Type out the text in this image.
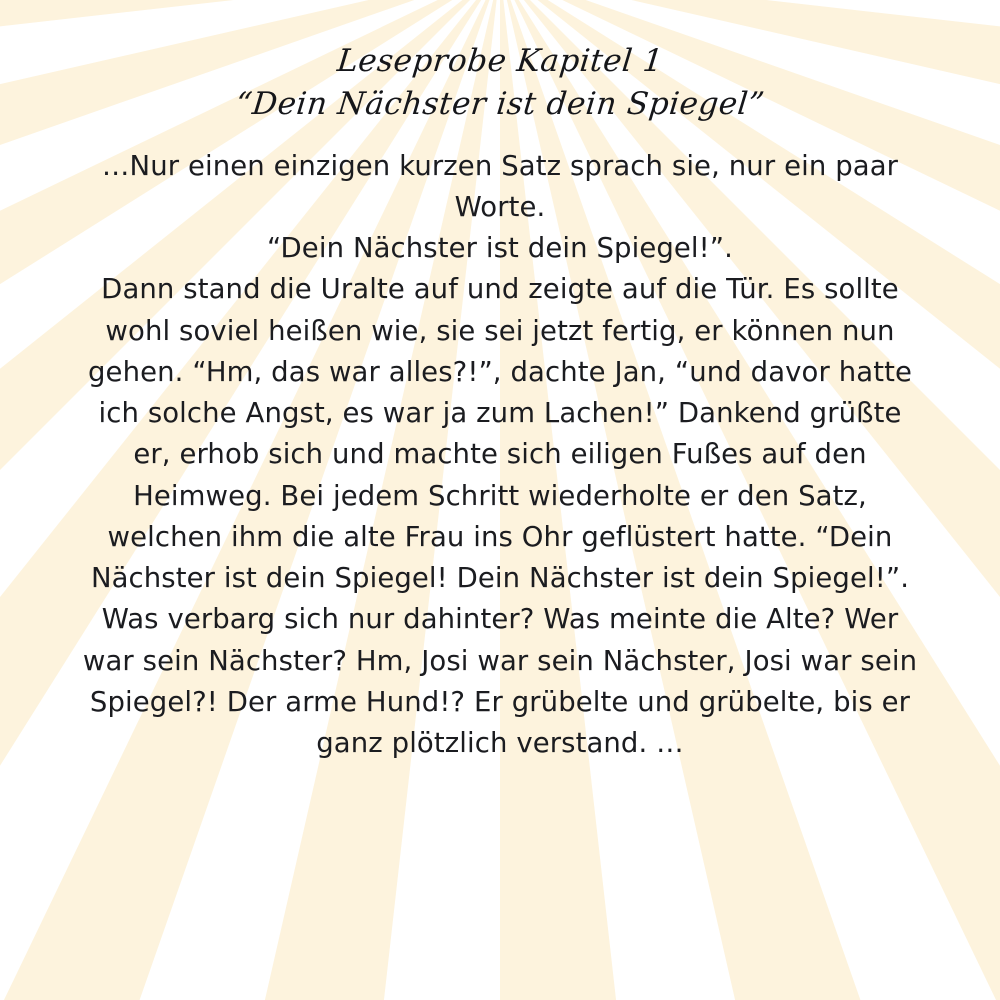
Leseprobe Kapitel 1
“Dein Nächster ist dein Spiegel”

…Nur einen einzigen kurzen Satz sprach sie, nur ein paar Worte.

“Dein Nächster ist dein Spiegel!”.

Dann stand die Uralte auf und zeigte auf die Tür. Es sollte wohl soviel heißen wie, sie sei jetzt fertig, er können nun gehen. “Hm, das war alles?!”, dachte Jan, “und davor hatte ich solche Angst, es war ja zum Lachen!” Dankend grüßte er, erhob sich und machte sich eiligen Fußes auf den Heimweg. Bei jedem Schritt wiederholte er den Satz, welchen ihm die alte Frau ins Ohr geflüstert hatte. “Dein Nächster ist dein Spiegel! Dein Nächster ist dein Spiegel!”. Was verbarg sich nur dahinter? Was meinte die Alte? Wer war sein Nächster? Hm, Josi war sein Nächster, Josi war sein Spiegel?! Der arme Hund!? Er grübelte und grübelte, bis er ganz plötzlich verstand. …
